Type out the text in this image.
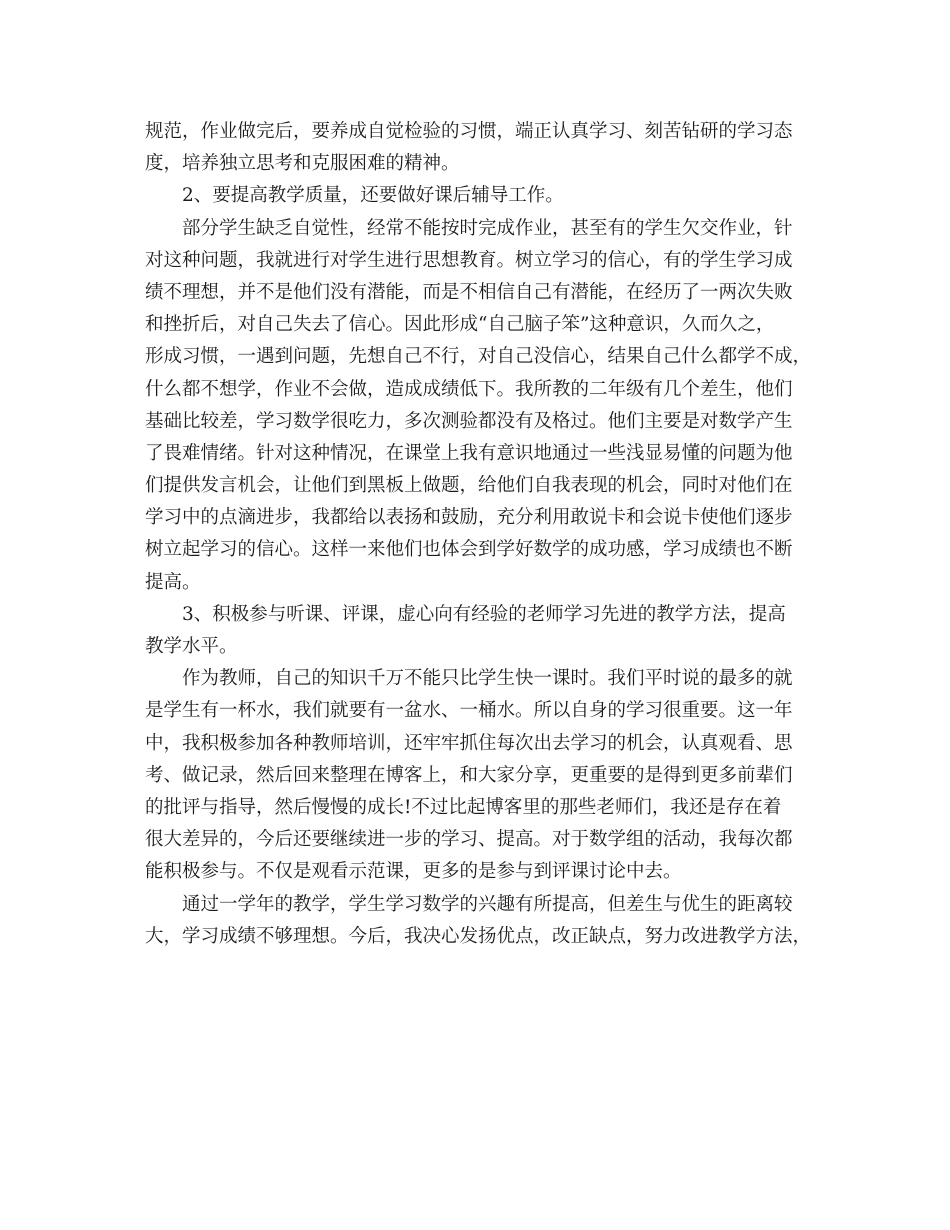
规范，作业做完后，要养成自觉检验的习惯，端正认真学习、刻苦钻研的学习态
度，培养独立思考和克服困难的精神。
2、要提高教学质量，还要做好课后辅导工作。
部分学生缺乏自觉性，经常不能按时完成作业，甚至有的学生欠交作业，针
对这种问题，我就进行对学生进行思想教育。树立学习的信心，有的学生学习成
绩不理想，并不是他们没有潜能，而是不相信自己有潜能，在经历了一两次失败
和挫折后，对自己失去了信心。因此形成“自己脑子笨”这种意识，久而久之，
形成习惯，一遇到问题，先想自己不行，对自己没信心，结果自己什么都学不成，
什么都不想学，作业不会做，造成成绩低下。我所教的二年级有几个差生，他们
基础比较差，学习数学很吃力，多次测验都没有及格过。他们主要是对数学产生
了畏难情绪。针对这种情况，在课堂上我有意识地通过一些浅显易懂的问题为他
们提供发言机会，让他们到黑板上做题，给他们自我表现的机会，同时对他们在
学习中的点滴进步，我都给以表扬和鼓励，充分利用敢说卡和会说卡使他们逐步
树立起学习的信心。这样一来他们也体会到学好数学的成功感，学习成绩也不断
提高。
3、积极参与听课、评课，虚心向有经验的老师学习先进的教学方法，提高
教学水平。
作为教师，自己的知识千万不能只比学生快一课时。我们平时说的最多的就
是学生有一杯水，我们就要有一盆水、一桶水。所以自身的学习很重要。这一年
中，我积极参加各种教师培训，还牢牢抓住每次出去学习的机会，认真观看、思
考、做记录，然后回来整理在博客上，和大家分享，更重要的是得到更多前辈们
的批评与指导，然后慢慢的成长!不过比起博客里的那些老师们，我还是存在着
很大差异的，今后还要继续进一步的学习、提高。对于数学组的活动，我每次都
能积极参与。不仅是观看示范课，更多的是参与到评课讨论中去。
通过一学年的教学，学生学习数学的兴趣有所提高，但差生与优生的距离较
大，学习成绩不够理想。今后，我决心发扬优点，改正缺点，努力改进教学方法，
